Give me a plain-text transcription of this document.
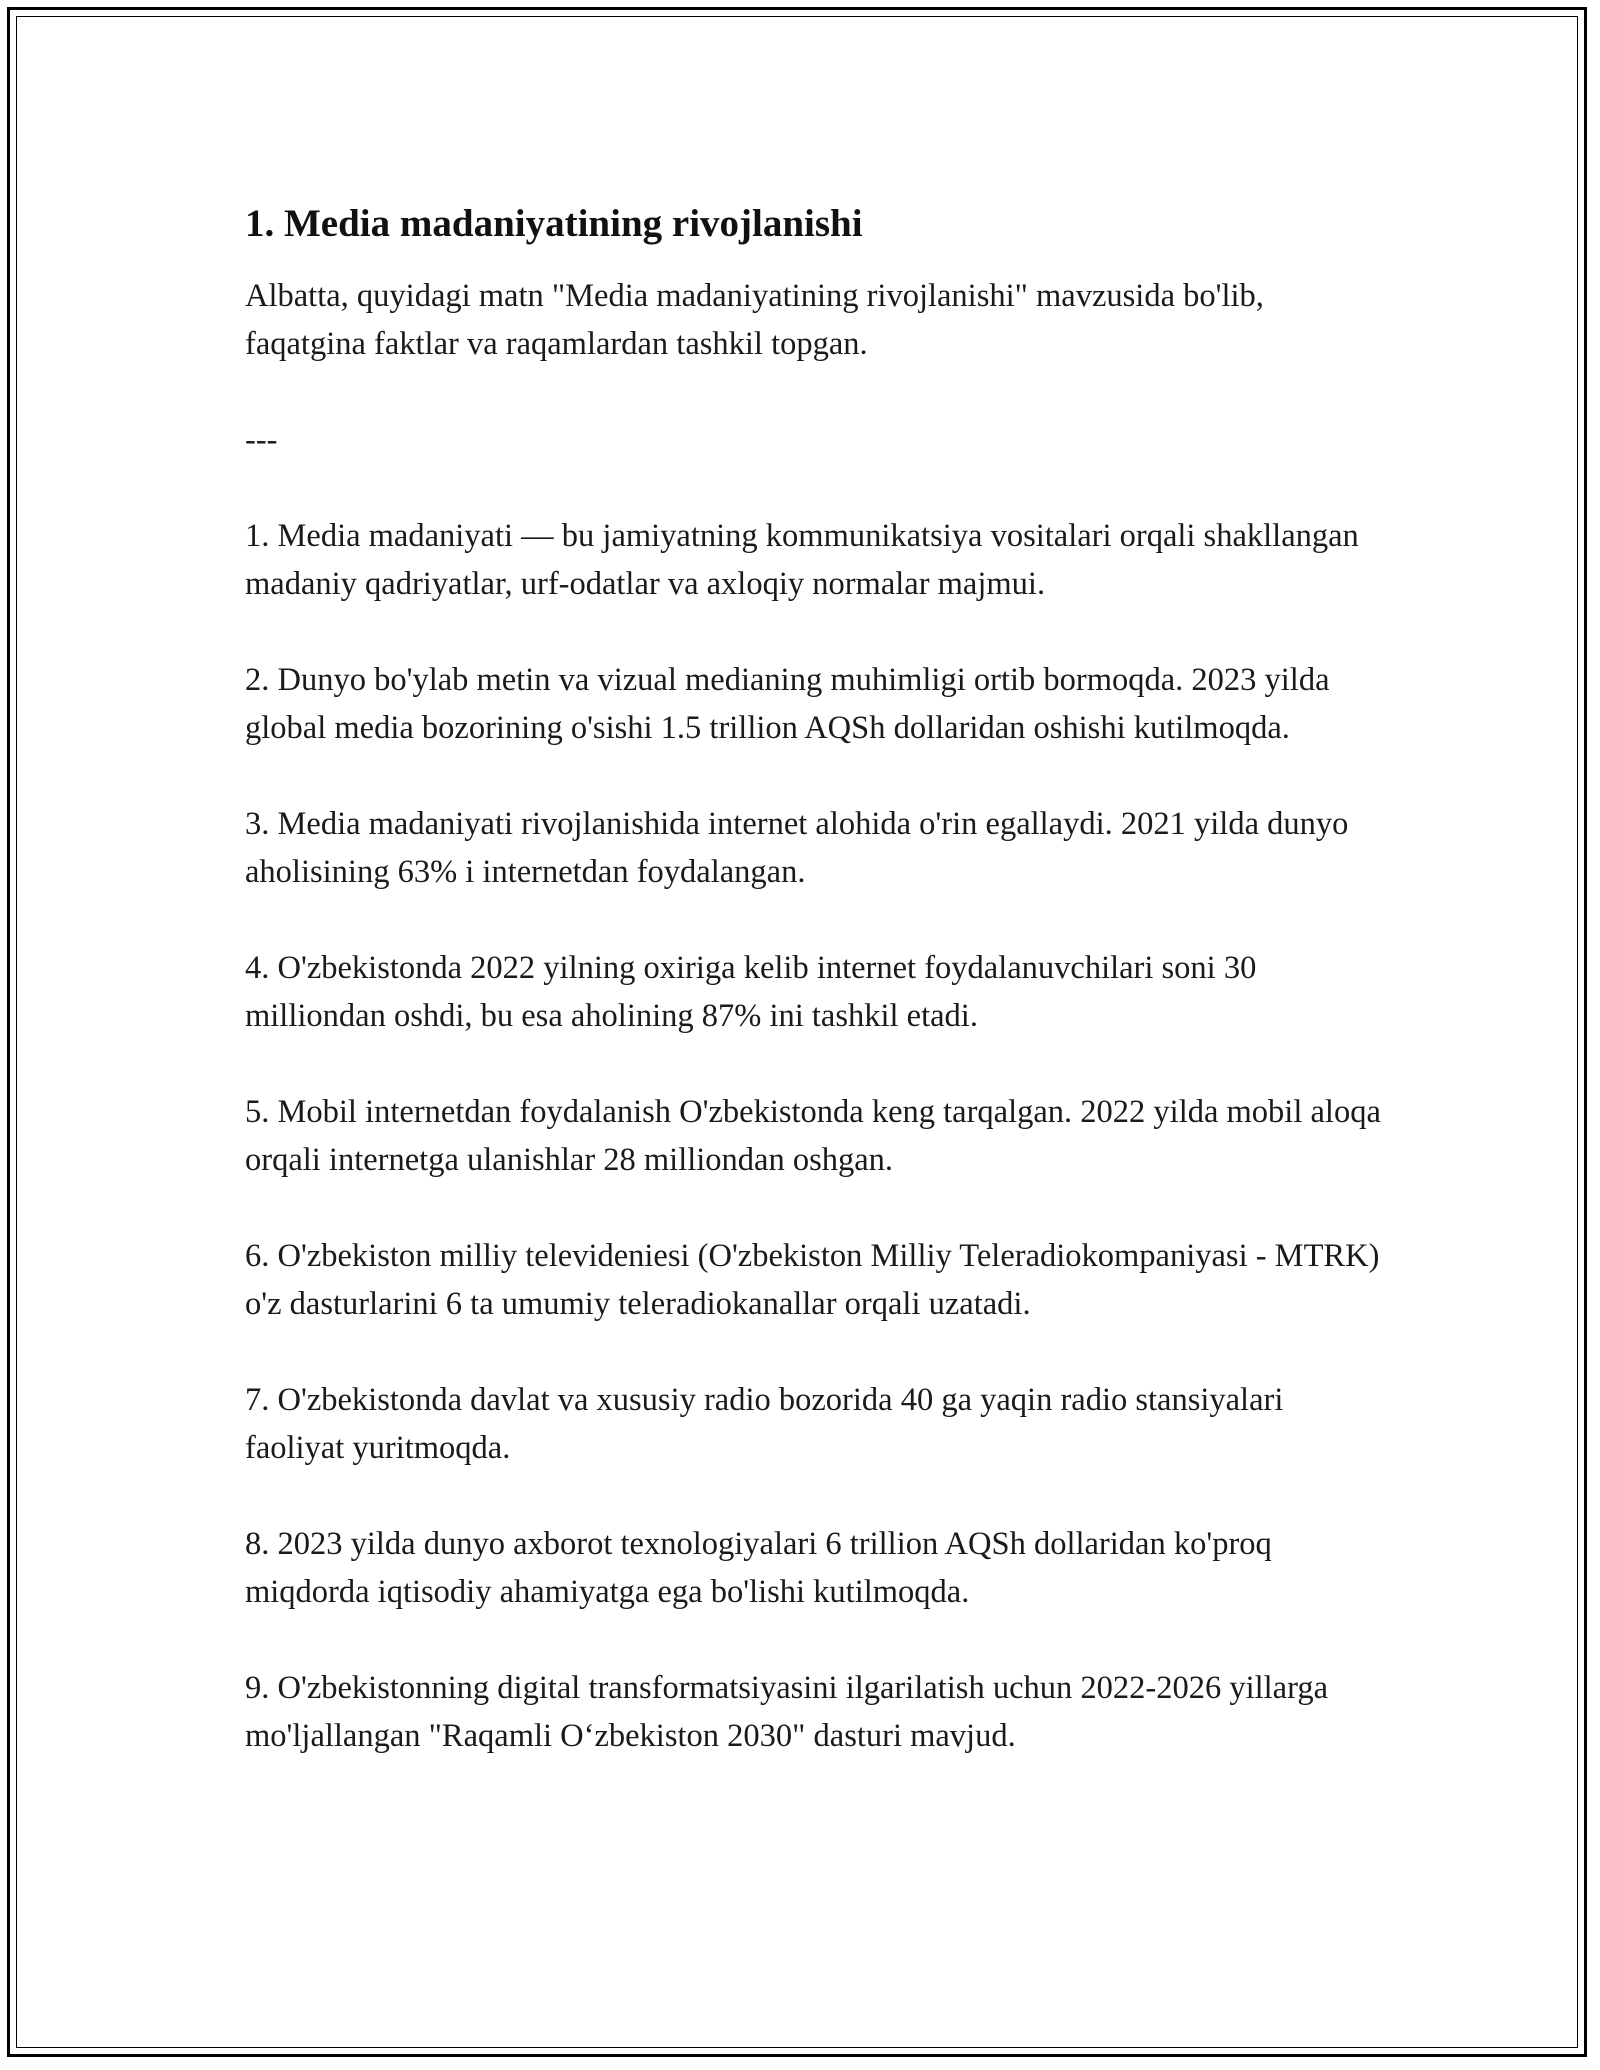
1. Media madaniyatining rivojlanishi

Albatta, quyidagi matn "Media madaniyatining rivojlanishi" mavzusida bo'lib, faqatgina faktlar va raqamlardan tashkil topgan.

---

1. Media madaniyati — bu jamiyatning kommunikatsiya vositalari orqali shakllangan madaniy qadriyatlar, urf-odatlar va axloqiy normalar majmui.

2. Dunyo bo'ylab metin va vizual medianing muhimligi ortib bormoqda. 2023 yilda global media bozorining o'sishi 1.5 trillion AQSh dollaridan oshishi kutilmoqda.

3. Media madaniyati rivojlanishida internet alohida o'rin egallaydi. 2021 yilda dunyo aholisining 63% i internetdan foydalangan.

4. O'zbekistonda 2022 yilning oxiriga kelib internet foydalanuvchilari soni 30 milliondan oshdi, bu esa aholining 87% ini tashkil etadi.

5. Mobil internetdan foydalanish O'zbekistonda keng tarqalgan. 2022 yilda mobil aloqa orqali internetga ulanishlar 28 milliondan oshgan.

6. O'zbekiston milliy televideniesi (O'zbekiston Milliy Teleradiokompaniyasi - MTRK) o'z dasturlarini 6 ta umumiy teleradiokanallar orqali uzatadi.

7. O'zbekistonda davlat va xususiy radio bozorida 40 ga yaqin radio stansiyalari faoliyat yuritmoqda.

8. 2023 yilda dunyo axborot texnologiyalari 6 trillion AQSh dollaridan ko'proq miqdorda iqtisodiy ahamiyatga ega bo'lishi kutilmoqda.

9. O'zbekistonning digital transformatsiyasini ilgarilatish uchun 2022-2026 yillarga mo'ljallangan "Raqamli O‘zbekiston 2030" dasturi mavjud.
